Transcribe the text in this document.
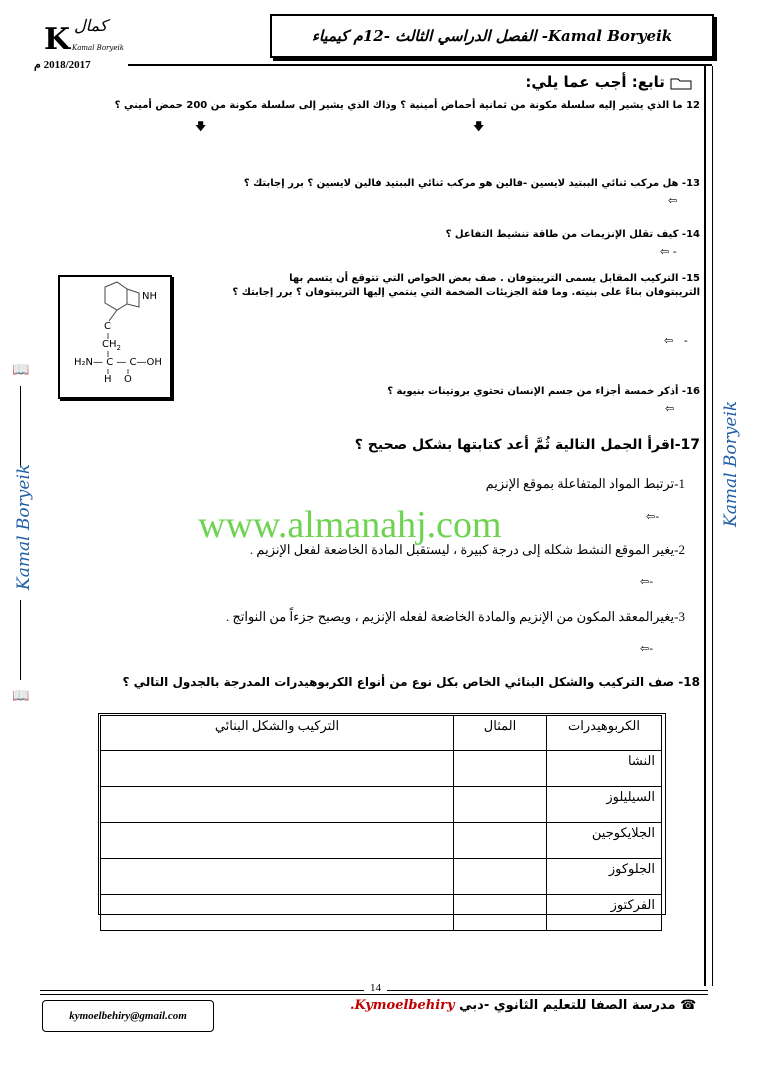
Kamal Boryeik- الفصل الدراسي الثالث -12م كيمياء
K كمال
Kamal Boryeik
2018/2017 م
Kamal Boryeik
📖
Kamal Boryeik
📖
تابع: أجب عما يلي:
12 ما الذي يشير إليه سلسلة مكونة من ثمانية أحماض أمينية ؟ وذاك الذي يشير إلى سلسلة مكونة من 200 حمض أميني ؟
🡇	🡇
13- هل مركب ثنائي الببتيد لايسين -فالين هو مركب ثنائي الببتيد فالين لايسين ؟ برر إجابتك ؟
⇦
14- كيف تقلل الإنزيمات من طاقة تنشيط التفاعل ؟
⇦ -
15- التركيب المقابل يسمى التريبتوفان . صف بعض الخواص التي تتوقع أن يتسم بها
التريبتوفان بناءً على بنيته. وما فئة الجزيئات الضخمة التي ينتمي إليها التريبتوفان ؟ برر إجابتك ؟
⇦ -
NH
C
$CH_2$
H₂N— C — C—OH
H O
16- أذكر خمسة أجزاء من جسم الإنسان تحتوي بروتينات بنيوية ؟
⇦
17-اقرأ الجمل التالية ثُمَّ أعد كتابتها بشكل صحيح ؟
1-ترتبط المواد المتفاعلة بموقع الإنزيم
⇦-
www.almanahj.com
2-يغير الموقع النشط شكله إلى درجة كبيرة ، ليستقبل المادة الخاضعة لفعل الإنزيم .
⇦-
3-يغيرالمعقد المكون من الإنزيم والمادة الخاضعة لفعله الإنزيم ، ويصبح جزءاً من النواتج .
⇦-
18- صف التركيب والشكل البنائي الخاص بكل نوع من أنواع الكربوهيدرات المدرجة بالجدول التالي ؟
الكربوهيدرات	المثال	التركيب والشكل البنائي
النشا		
السيليلوز		
الجلايكوجين		
الجلوكوز		
الفركتوز		
14
☎ مدرسة الصفا للتعليم الثانوي -دبي Kymoelbehiry.
kymoelbehiry@gmail.com
